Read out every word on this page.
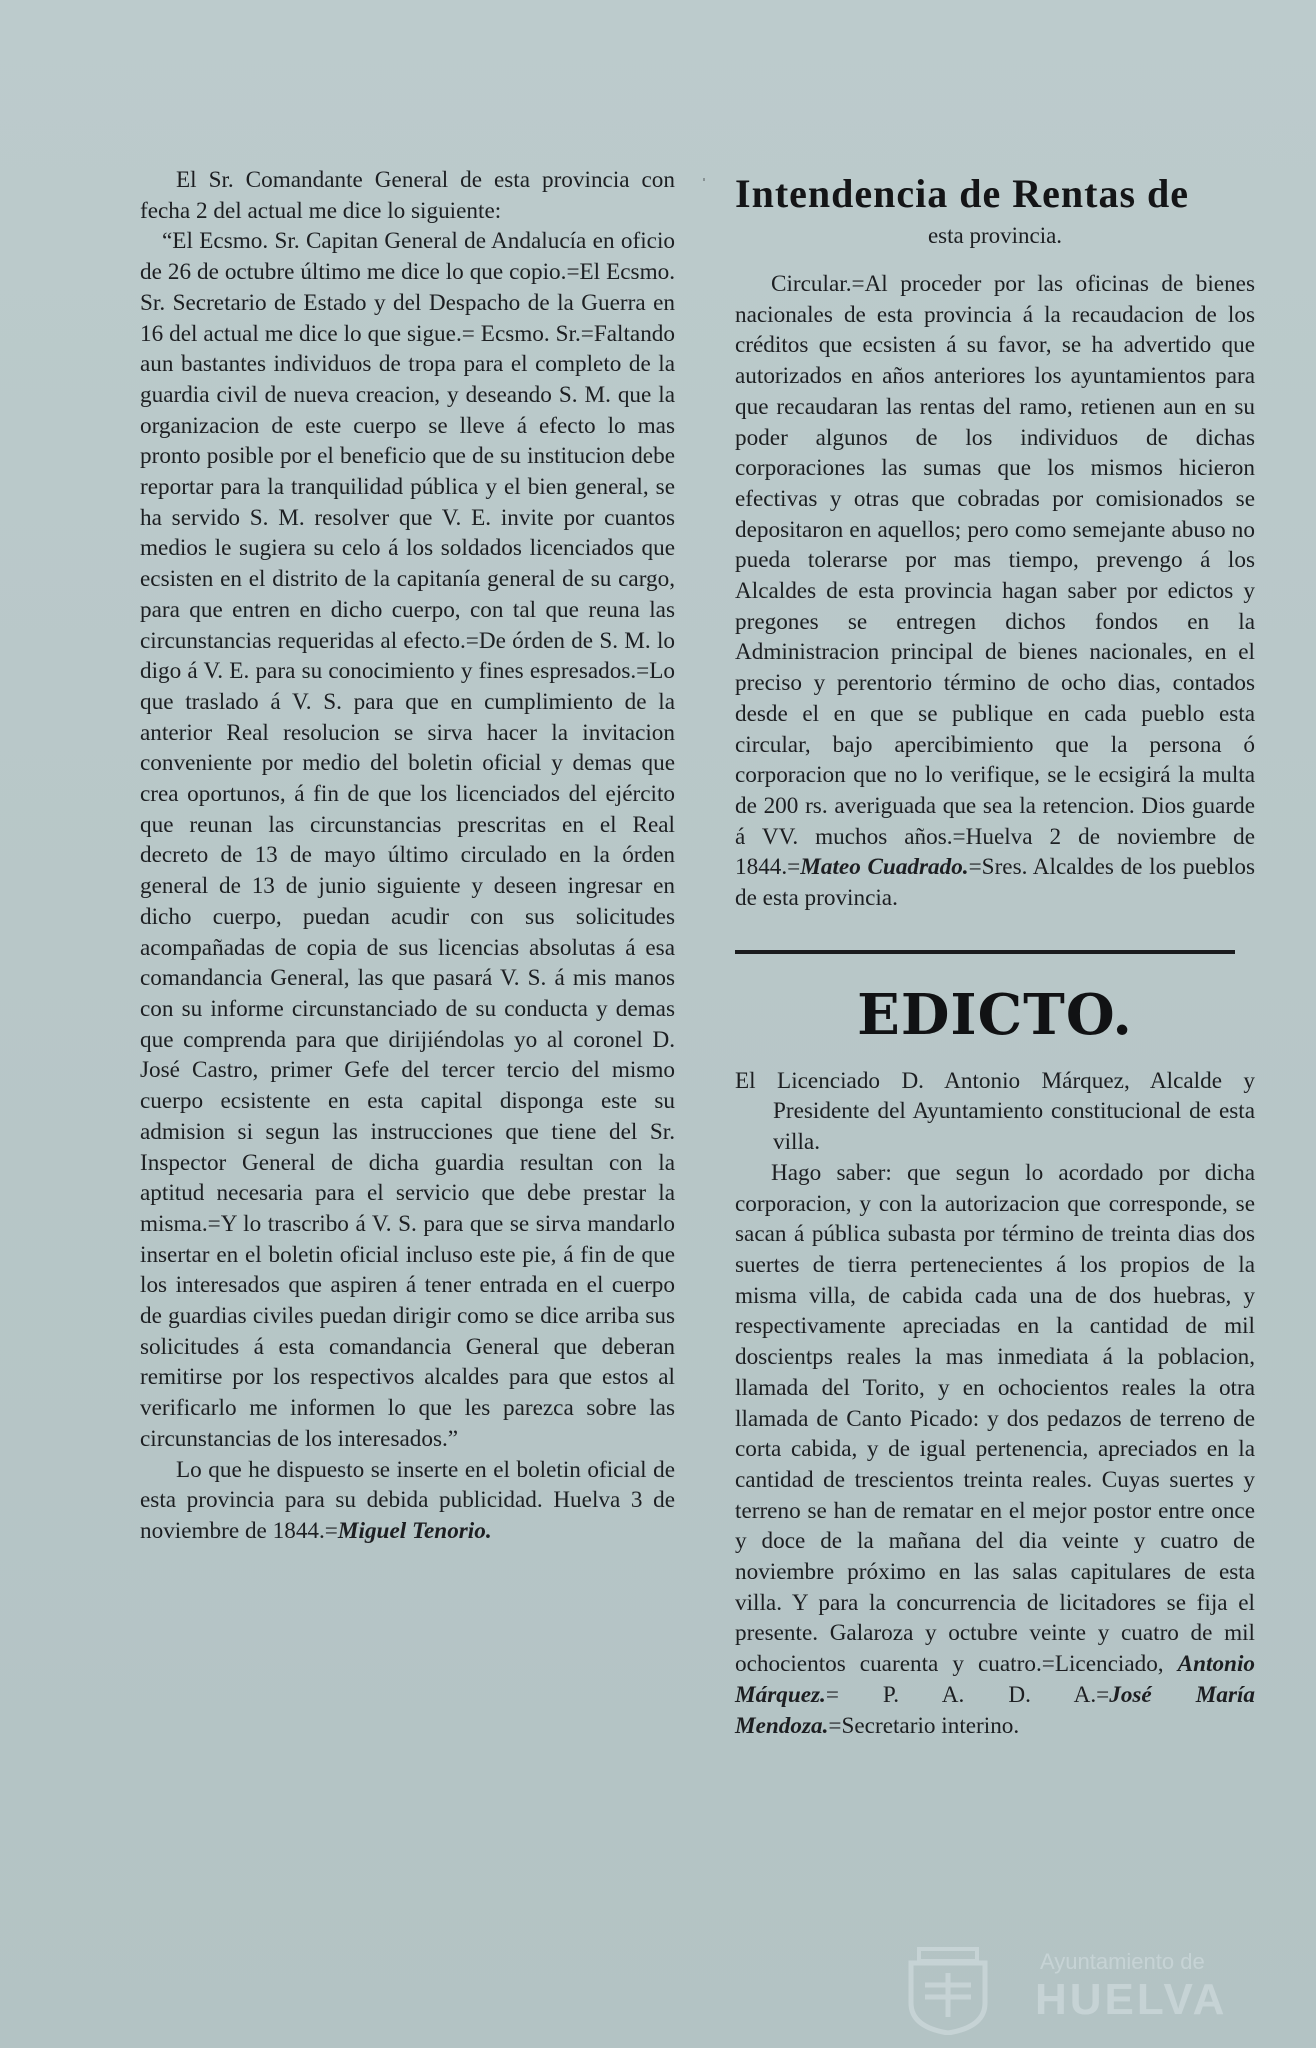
El Sr. Comandante General de esta provincia con fecha 2 del actual me dice lo siguiente:

“El Ecsmo. Sr. Capitan General de Andalucía en oficio de 26 de octubre último me dice lo que copio.=El Ecsmo. Sr. Secretario de Estado y del Despacho de la Guerra en 16 del actual me dice lo que sigue.= Ecsmo. Sr.=Faltando aun bastantes individuos de tropa para el completo de la guardia civil de nueva creacion, y deseando S. M. que la organizacion de este cuerpo se lleve á efecto lo mas pronto posible por el beneficio que de su institucion debe reportar para la tranquilidad pública y el bien general, se ha servido S. M. resolver que V. E. invite por cuantos medios le sugiera su celo á los soldados licenciados que ecsisten en el distrito de la capitanía general de su cargo, para que entren en dicho cuerpo, con tal que reuna las circunstancias requeridas al efecto.=De órden de S. M. lo digo á V. E. para su conocimiento y fines espresados.=Lo que traslado á V. S. para que en cumplimiento de la anterior Real resolucion se sirva hacer la invitacion conveniente por medio del boletin oficial y demas que crea oportunos, á fin de que los licenciados del ejército que reunan las circunstancias prescritas en el Real decreto de 13 de mayo último circulado en la órden general de 13 de junio siguiente y deseen ingresar en dicho cuerpo, puedan acudir con sus solicitudes acompañadas de copia de sus licencias absolutas á esa comandancia General, las que pasará V. S. á mis manos con su informe circunstanciado de su conducta y demas que comprenda para que dirijiéndolas yo al coronel D. José Castro, primer Gefe del tercer tercio del mismo cuerpo ecsistente en esta capital disponga este su admision si segun las instrucciones que tiene del Sr. Inspector General de dicha guardia resultan con la aptitud necesaria para el servicio que debe prestar la misma.=Y lo trascribo á V. S. para que se sirva mandarlo insertar en el boletin oficial incluso este pie, á fin de que los interesados que aspiren á tener entrada en el cuerpo de guardias civiles puedan dirigir como se dice arriba sus solicitudes á esta comandancia General que deberan remitirse por los respectivos alcaldes para que estos al verificarlo me informen lo que les parezca sobre las circunstancias de los interesados.”

Lo que he dispuesto se inserte en el boletin oficial de esta provincia para su debida publicidad. Huelva 3 de noviembre de 1844.=Miguel Tenorio.

Intendencia de Rentas de
esta provincia.

Circular.=Al proceder por las oficinas de bienes nacionales de esta provincia á la recaudacion de los créditos que ecsisten á su favor, se ha advertido que autorizados en años anteriores los ayuntamientos para que recaudaran las rentas del ramo, retienen aun en su poder algunos de los individuos de dichas corporaciones las sumas que los mismos hicieron efectivas y otras que cobradas por comisionados se depositaron en aquellos; pero como semejante abuso no pueda tolerarse por mas tiempo, prevengo á los Alcaldes de esta provincia hagan saber por edictos y pregones se entregen dichos fondos en la Administracion principal de bienes nacionales, en el preciso y perentorio término de ocho dias, contados desde el en que se publique en cada pueblo esta circular, bajo apercibimiento que la persona ó corporacion que no lo verifique, se le ecsigirá la multa de 200 rs. averiguada que sea la retencion. Dios guarde á VV. muchos años.=Huelva 2 de noviembre de 1844.=Mateo Cuadrado.=Sres. Alcaldes de los pueblos de esta provincia.

EDICTO.

El Licenciado D. Antonio Márquez, Alcalde y Presidente del Ayuntamiento constitucional de esta villa.

Hago saber: que segun lo acordado por dicha corporacion, y con la autorizacion que corresponde, se sacan á pública subasta por término de treinta dias dos suertes de tierra pertenecientes á los propios de la misma villa, de cabida cada una de dos huebras, y respectivamente apreciadas en la cantidad de mil doscientps reales la mas inmediata á la poblacion, llamada del Torito, y en ochocientos reales la otra llamada de Canto Picado: y dos pedazos de terreno de corta cabida, y de igual pertenencia, apreciados en la cantidad de trescientos treinta reales. Cuyas suertes y terreno se han de rematar en el mejor postor entre once y doce de la mañana del dia veinte y cuatro de noviembre próximo en las salas capitulares de esta villa. Y para la concurrencia de licitadores se fija el presente. Galaroza y octubre veinte y cuatro de mil ochocientos cuarenta y cuatro.=Licenciado, Antonio Márquez.= P. A. D. A.=José María Mendoza.=Secretario interino.

Ayuntamiento de
HUELVA
